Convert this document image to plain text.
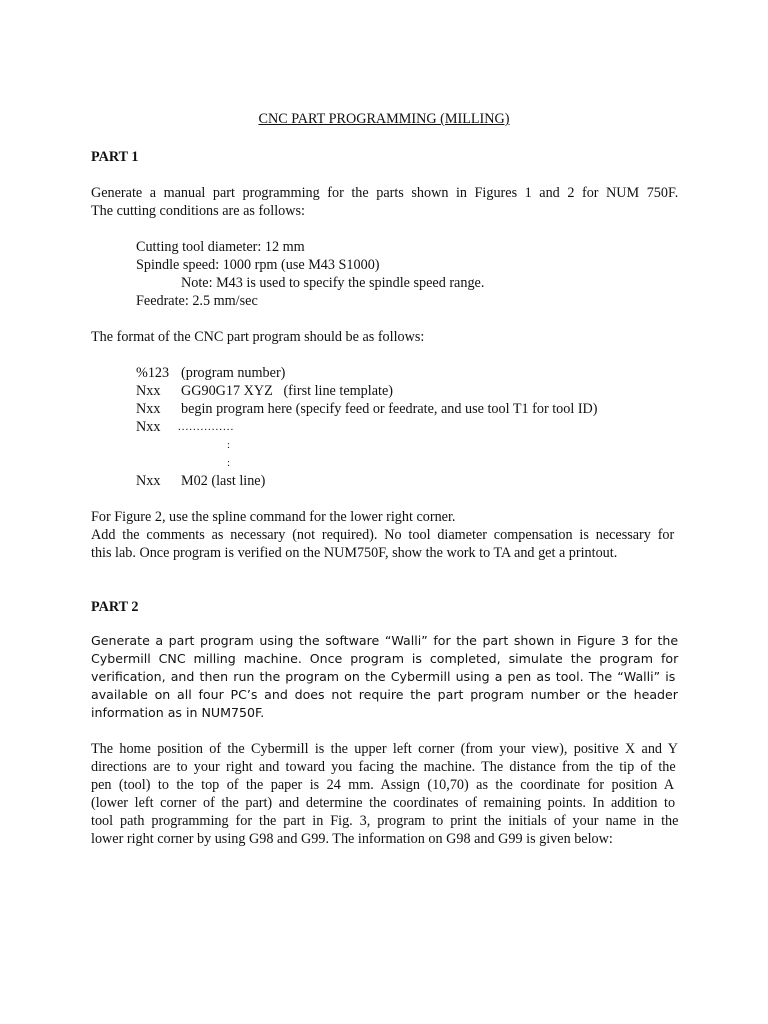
CNC PART PROGRAMMING (MILLING)
PART 1
Generate a manual part programming for the parts shown in Figures 1 and 2 for NUM 750F.
The cutting conditions are as follows:
Cutting tool diameter: 12 mm
Spindle speed: 1000 rpm (use M43 S1000)
Note: M43 is used to specify the spindle speed range.
Feedrate: 2.5 mm/sec
The format of the CNC part program should be as follows:
%123 (program number)
Nxx GG90G17 XYZ   (first line template)
Nxx begin program here (specify feed or feedrate, and use tool T1 for tool ID)
Nxx ...............
:
:
Nxx M02 (last line)
For Figure 2, use the spline command for the lower right corner.
Add the comments as necessary (not required). No tool diameter compensation is necessary for
this lab. Once program is verified on the NUM750F, show the work to TA and get a printout.
PART 2
Generate a part program using the software “Walli” for the part shown in Figure 3 for the
Cybermill CNC milling machine. Once program is completed, simulate the program for
verification, and then run the program on the Cybermill using a pen as tool. The “Walli” is
available on all four PC’s and does not require the part program number or the header
information as in NUM750F.
The home position of the Cybermill is the upper left corner (from your view), positive X and Y
directions are to your right and toward you facing the machine. The distance from the tip of the
pen (tool) to the top of the paper is 24 mm. Assign (10,70) as the coordinate for position A
(lower left corner of the part) and determine the coordinates of remaining points. In addition to
tool path programming for the part in Fig. 3, program to print the initials of your name in the
lower right corner by using G98 and G99. The information on G98 and G99 is given below:
